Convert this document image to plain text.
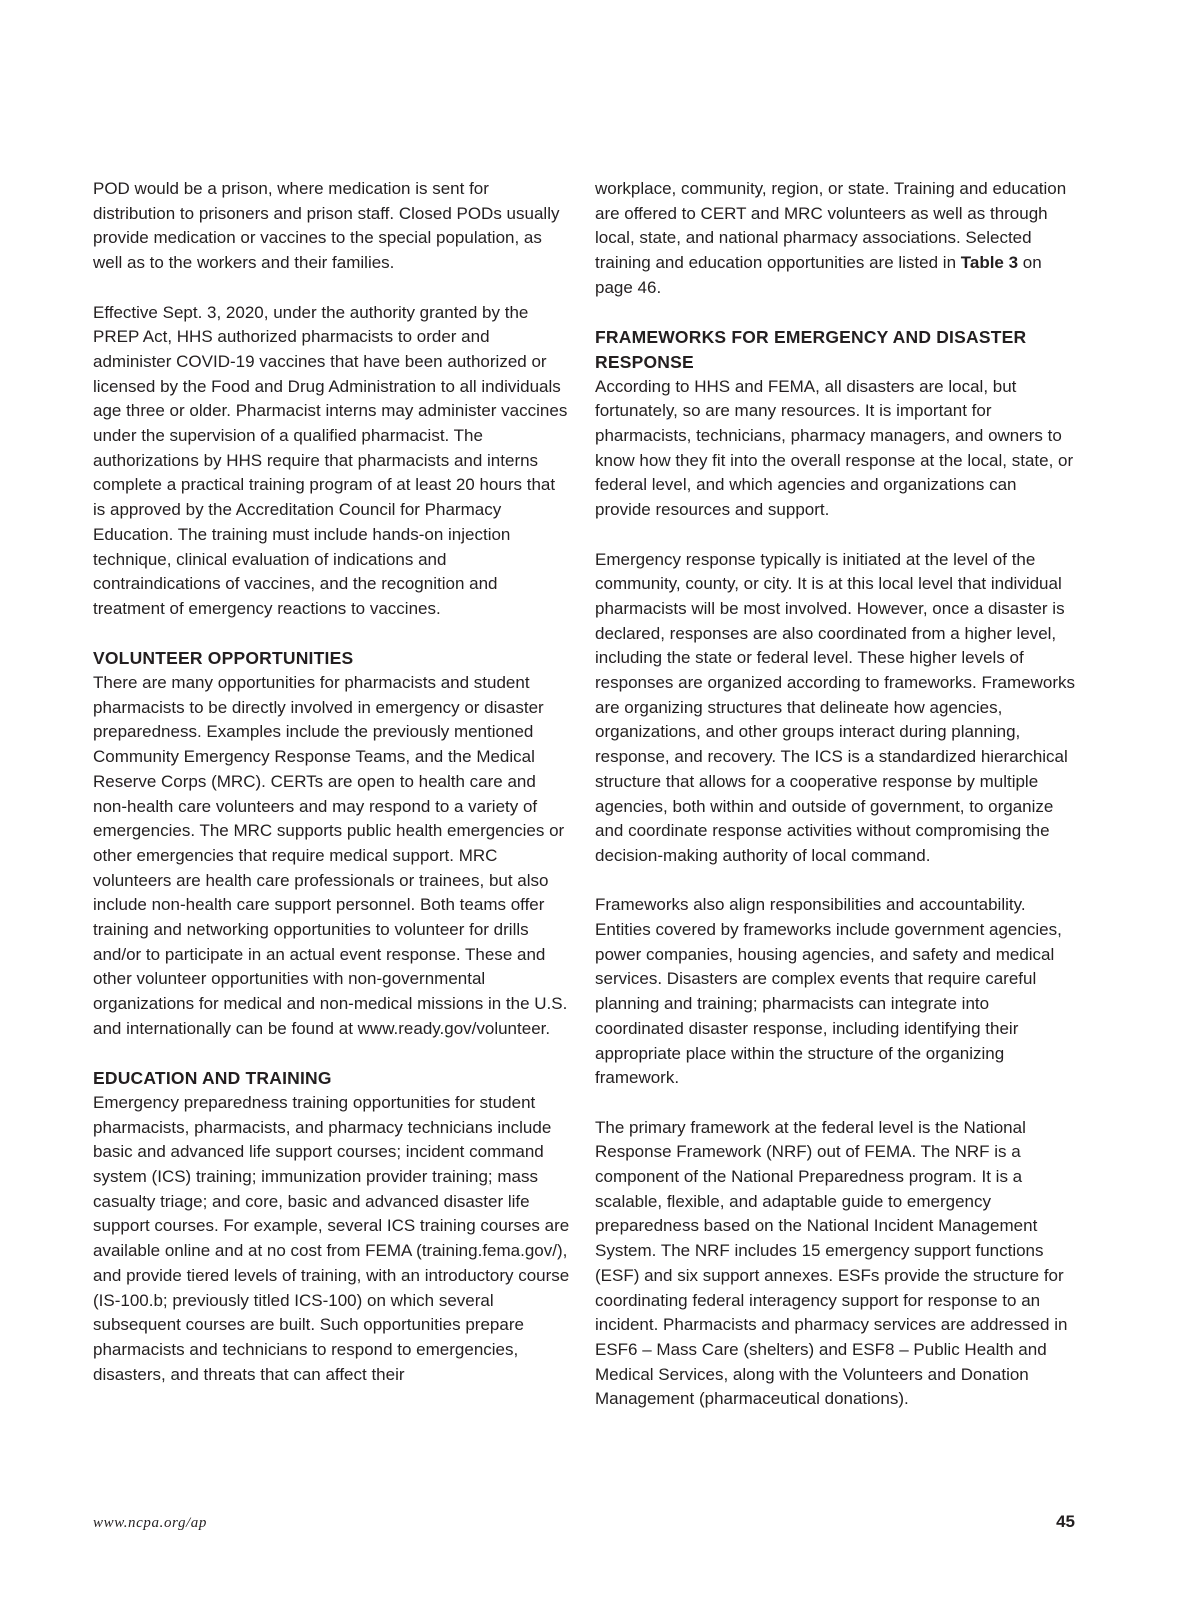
POD would be a prison, where medication is sent for distribution to prisoners and prison staff. Closed PODs usually provide medication or vaccines to the special population, as well as to the workers and their families.

Effective Sept. 3, 2020, under the authority granted by the PREP Act, HHS authorized pharmacists to order and administer COVID-19 vaccines that have been authorized or licensed by the Food and Drug Administration to all individuals age three or older. Pharmacist interns may administer vaccines under the supervision of a qualified pharmacist. The authorizations by HHS require that pharmacists and interns complete a practical training program of at least 20 hours that is approved by the Accreditation Council for Pharmacy Education. The training must include hands-on injection technique, clinical evaluation of indications and contraindications of vaccines, and the recognition and treatment of emergency reactions to vaccines.

VOLUNTEER OPPORTUNITIES

There are many opportunities for pharmacists and student pharmacists to be directly involved in emergency or disaster preparedness. Examples include the previously mentioned Community Emergency Response Teams, and the Medical Reserve Corps (MRC). CERTs are open to health care and non-health care volunteers and may respond to a variety of emergencies. The MRC supports public health emergencies or other emergencies that require medical support. MRC volunteers are health care professionals or trainees, but also include non-health care support personnel. Both teams offer training and networking opportunities to volunteer for drills and/or to participate in an actual event response. These and other volunteer opportunities with non-governmental organizations for medical and non-medical missions in the U.S. and internationally can be found at www.ready.gov/volunteer.

EDUCATION AND TRAINING

Emergency preparedness training opportunities for student pharmacists, pharmacists, and pharmacy technicians include basic and advanced life support courses; incident command system (ICS) training; immunization provider training; mass casualty triage; and core, basic and advanced disaster life support courses. For example, several ICS training courses are available online and at no cost from FEMA (training.fema.gov/), and provide tiered levels of training, with an introductory course (IS-100.b; previously titled ICS-100) on which several subsequent courses are built. Such opportunities prepare pharmacists and technicians to respond to emergencies, disasters, and threats that can affect their

workplace, community, region, or state. Training and education are offered to CERT and MRC volunteers as well as through local, state, and national pharmacy associations. Selected training and education opportunities are listed in Table 3 on page 46.

FRAMEWORKS FOR EMERGENCY AND DISASTER RESPONSE

According to HHS and FEMA, all disasters are local, but fortunately, so are many resources. It is important for pharmacists, technicians, pharmacy managers, and owners to know how they fit into the overall response at the local, state, or federal level, and which agencies and organizations can provide resources and support.

Emergency response typically is initiated at the level of the community, county, or city. It is at this local level that individual pharmacists will be most involved. However, once a disaster is declared, responses are also coordinated from a higher level, including the state or federal level. These higher levels of responses are organized according to frameworks. Frameworks are organizing structures that delineate how agencies, organizations, and other groups interact during planning, response, and recovery. The ICS is a standardized hierarchical structure that allows for a cooperative response by multiple agencies, both within and outside of government, to organize and coordinate response activities without compromising the decision-making authority of local command.

Frameworks also align responsibilities and accountability. Entities covered by frameworks include government agencies, power companies, housing agencies, and safety and medical services. Disasters are complex events that require careful planning and training; pharmacists can integrate into coordinated disaster response, including identifying their appropriate place within the structure of the organizing framework.

The primary framework at the federal level is the National Response Framework (NRF) out of FEMA. The NRF is a component of the National Preparedness program. It is a scalable, flexible, and adaptable guide to emergency preparedness based on the National Incident Management System. The NRF includes 15 emergency support functions (ESF) and six support annexes. ESFs provide the structure for coordinating federal interagency support for response to an incident. Pharmacists and pharmacy services are addressed in ESF6 – Mass Care (shelters) and ESF8 – Public Health and Medical Services, along with the Volunteers and Donation Management (pharmaceutical donations).

www.ncpa.org/ap	45
